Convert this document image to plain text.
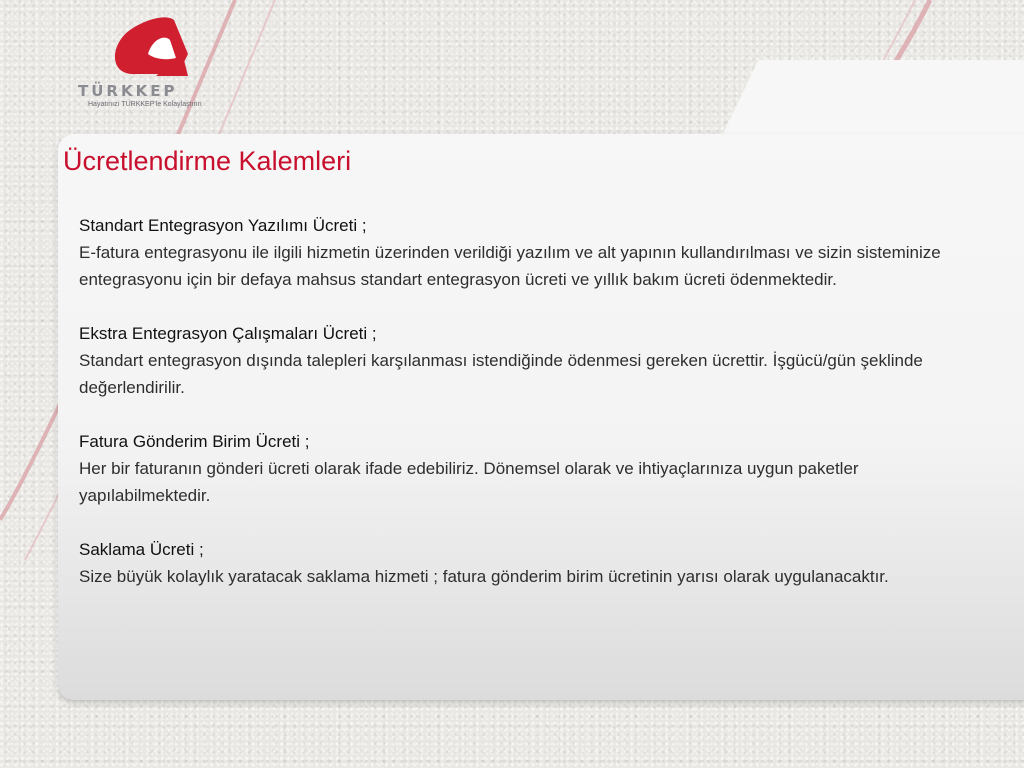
TÜRKKEP
Hayatınızı TÜRKKEP'le Kolaylaştırın
Ücretlendirme Kalemleri
Standart Entegrasyon Yazılımı Ücreti ;
E-fatura entegrasyonu ile ilgili hizmetin üzerinden verildiği yazılım ve alt yapının kullandırılması ve sizin sisteminize entegrasyonu için bir defaya mahsus standart entegrasyon ücreti ve yıllık bakım ücreti ödenmektedir.
Ekstra Entegrasyon Çalışmaları Ücreti ;
Standart entegrasyon dışında talepleri karşılanması istendiğinde ödenmesi gereken ücrettir. İşgücü/gün şeklinde değerlendirilir.
Fatura Gönderim Birim Ücreti ;
Her bir faturanın gönderi ücreti olarak ifade edebiliriz. Dönemsel olarak ve ihtiyaçlarınıza uygun paketler yapılabilmektedir.
Saklama Ücreti ;
Size büyük kolaylık yaratacak saklama hizmeti ; fatura gönderim birim ücretinin yarısı olarak uygulanacaktır.
